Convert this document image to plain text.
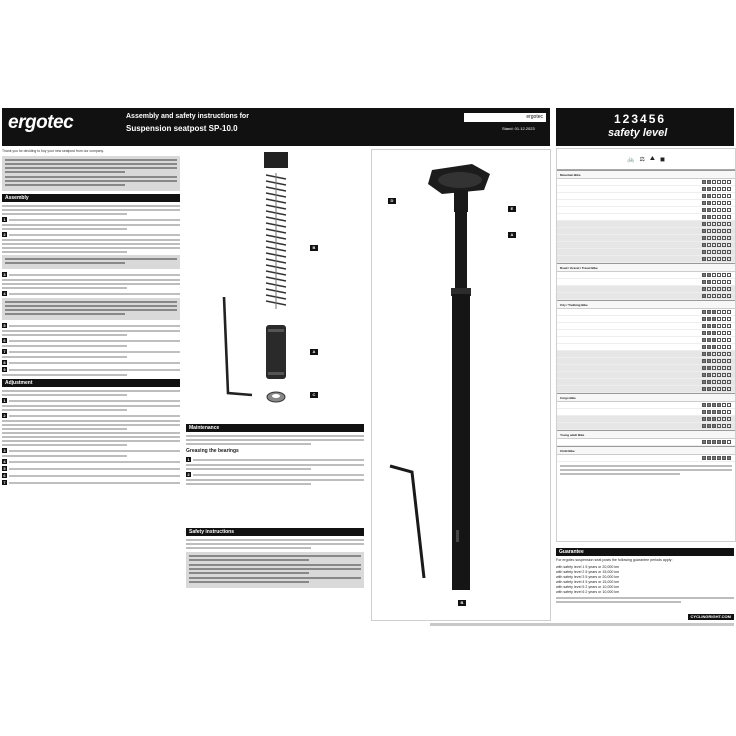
ergotec	Assembly and safety instructions for
Suspension seatpost SP-10.0
ergotec
Stand: 01.12.2023
Thank you for deciding to buy your new seatpost from our company.
Assembly
1
2
3
4
5
6
7
8
9
Adjustment
1
2
3
4
5
6
7
B
A
C
Maintenance
Greasing the bearings
1
2
Safety instructions
D
E
A
B
123456
safety level
🚲 ⚖ ⛰ ◼
Mountain Bike
Road / Gravel / Travel Bike
City / Trekking Bike
Cargo Bike
Young adult Bike
Child Bike
Guarantee
For ergotec suspension seat posts the following guarantee periods apply:
with safety level 1 5 years or 20,000 km
with safety level 2 5 years or 15,000 km
with safety level 3 5 years or 20,000 km
with safety level 4 5 years or 15,000 km
with safety level 5 2 years or 10,000 km
with safety level 6 2 years or 10,000 km
CYCLINGRIGHT.COM
